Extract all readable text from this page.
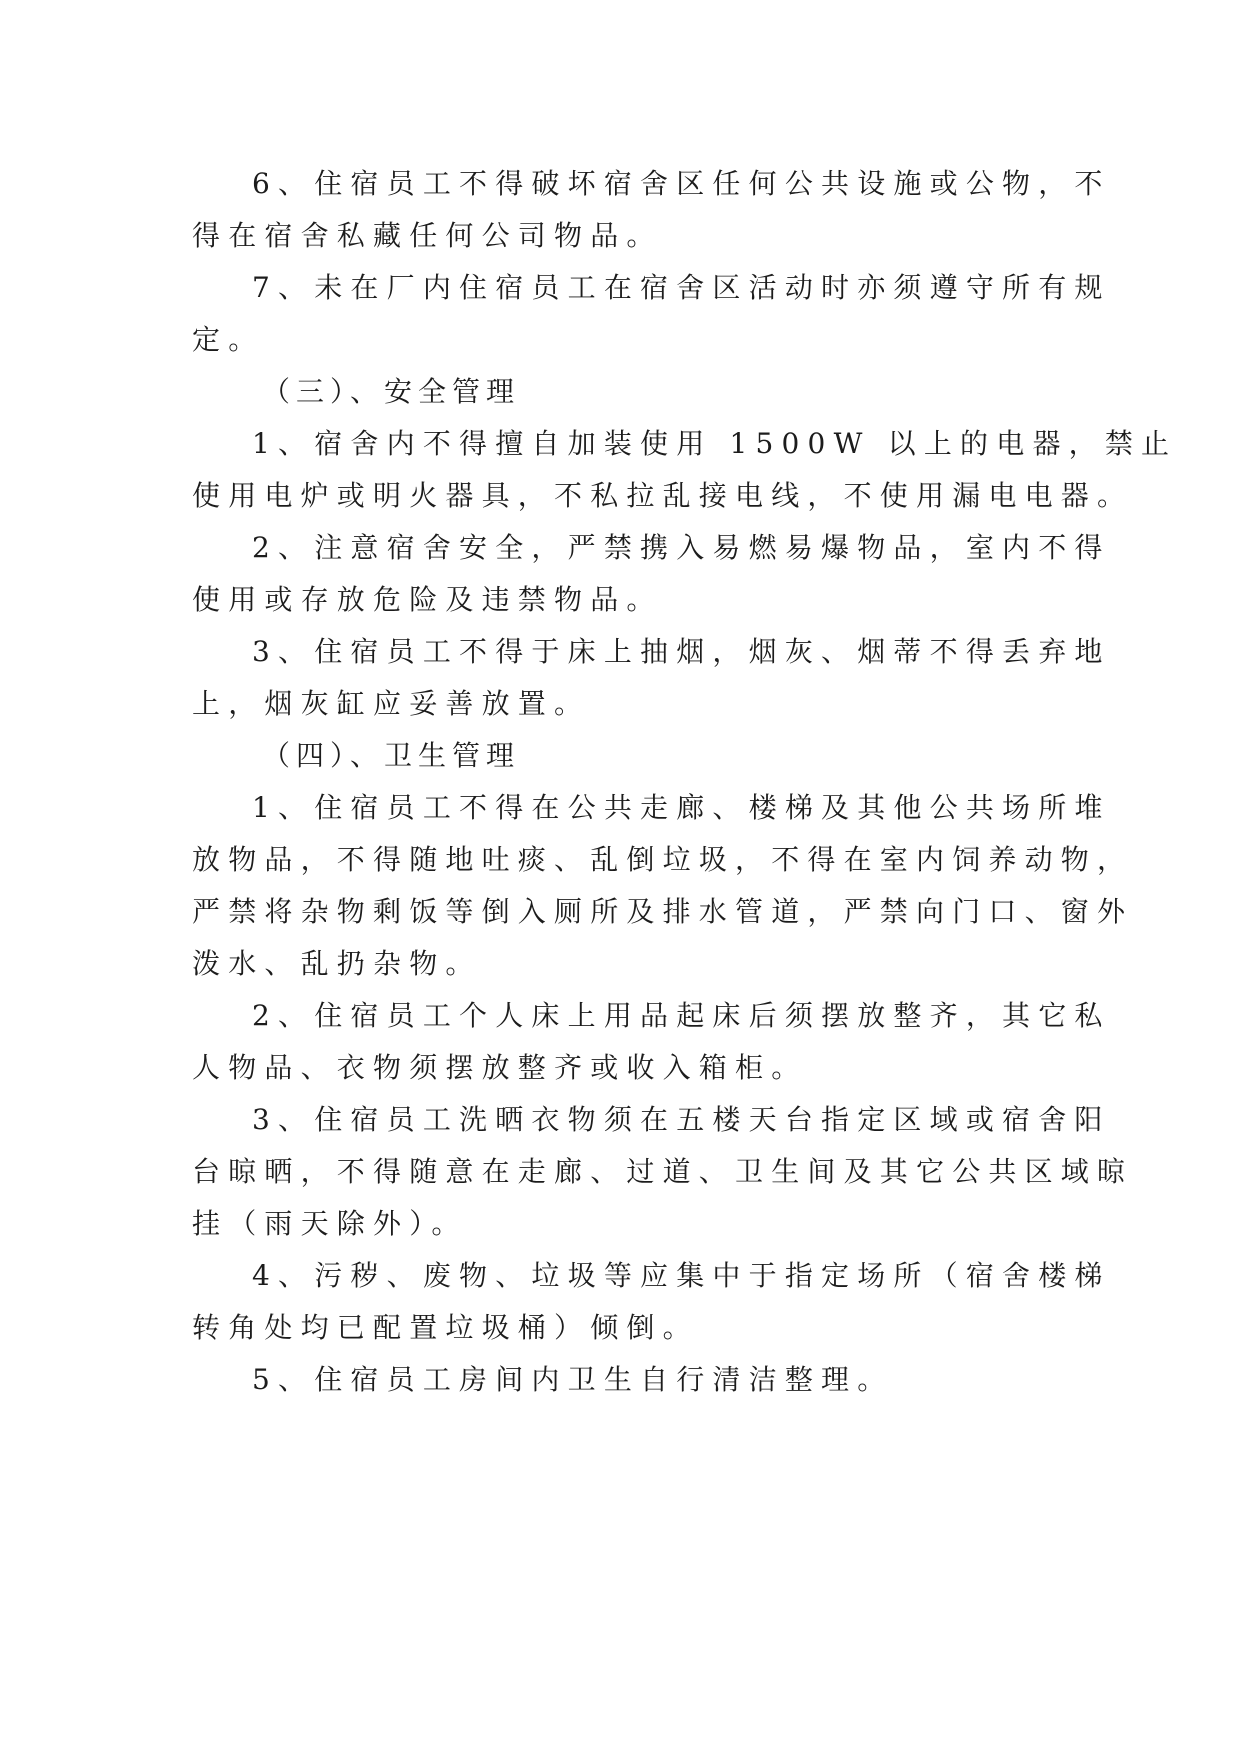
6、住宿员工不得破坏宿舍区任何公共设施或公物，不
得在宿舍私藏任何公司物品。
7、未在厂内住宿员工在宿舍区活动时亦须遵守所有规
定。
（三）、安全管理
1、宿舍内不得擅自加装使用 1500W 以上的电器，禁止
使用电炉或明火器具，不私拉乱接电线，不使用漏电电器。
2、注意宿舍安全，严禁携入易燃易爆物品，室内不得
使用或存放危险及违禁物品。
3、住宿员工不得于床上抽烟，烟灰、烟蒂不得丢弃地
上，烟灰缸应妥善放置。
（四）、卫生管理
1、住宿员工不得在公共走廊、楼梯及其他公共场所堆
放物品，不得随地吐痰、乱倒垃圾，不得在室内饲养动物，
严禁将杂物剩饭等倒入厕所及排水管道，严禁向门口、窗外
泼水、乱扔杂物。
2、住宿员工个人床上用品起床后须摆放整齐，其它私
人物品、衣物须摆放整齐或收入箱柜。
3、住宿员工洗晒衣物须在五楼天台指定区域或宿舍阳
台晾晒，不得随意在走廊、过道、卫生间及其它公共区域晾
挂（雨天除外）。
4、污秽、废物、垃圾等应集中于指定场所（宿舍楼梯
转角处均已配置垃圾桶）倾倒。
5、住宿员工房间内卫生自行清洁整理。
